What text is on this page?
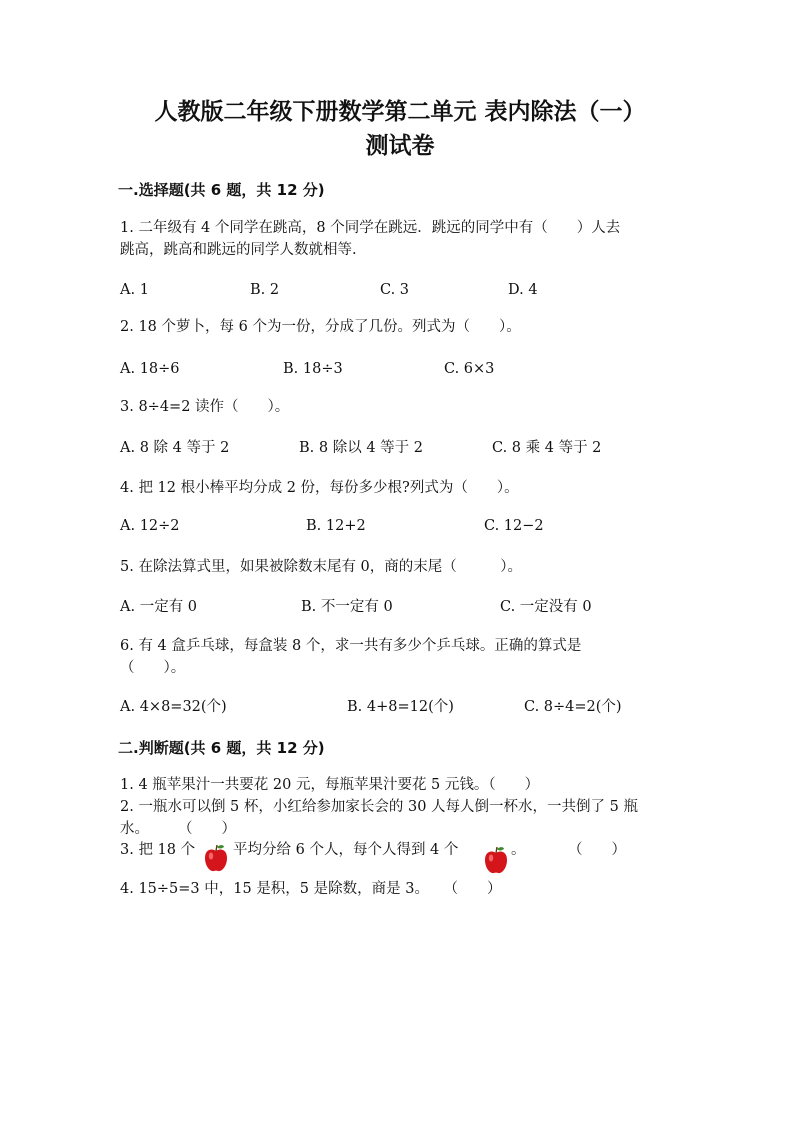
人教版二年级下册数学第二单元 表内除法（一）
测试卷
一.选择题(共 6 题，共 12 分)
1. 二年级有 4 个同学在跳高，8 个同学在跳远．跳远的同学中有（　　）人去
跳高，跳高和跳远的同学人数就相等.
A. 1	B. 2	C. 3	D. 4
2. 18 个萝卜，每 6 个为一份，分成了几份。列式为（　　）。
A. 18÷6	B. 18÷3	C. 6×3
3. 8÷4=2 读作（　　）。
A. 8 除 4 等于 2	B. 8 除以 4 等于 2	C. 8 乘 4 等于 2
4. 把 12 根小棒平均分成 2 份，每份多少根?列式为（　　）。
A. 12÷2	B. 12+2	C. 12−2
5. 在除法算式里，如果被除数末尾有 0，商的末尾（　　　）。
A. 一定有 0	B. 不一定有 0	C. 一定没有 0
6. 有 4 盒乒乓球，每盒装 8 个，求一共有多少个乒乓球。正确的算式是
（　　）。
A. 4×8=32(个)	B. 4+8=12(个)	C. 8÷4=2(个)
二.判断题(共 6 题，共 12 分)
1. 4 瓶苹果汁一共要花 20 元，每瓶苹果汁要花 5 元钱。（　　）
2. 一瓶水可以倒 5 杯，小红给参加家长会的 30 人每人倒一杯水，一共倒了 5 瓶
水。　　　（　　）
3. 把 18 个	平均分给 6 个人，每个人得到 4 个	。	（　　）
4. 15÷5=3 中，15 是积，5 是除数，商是 3。　　（　　）
